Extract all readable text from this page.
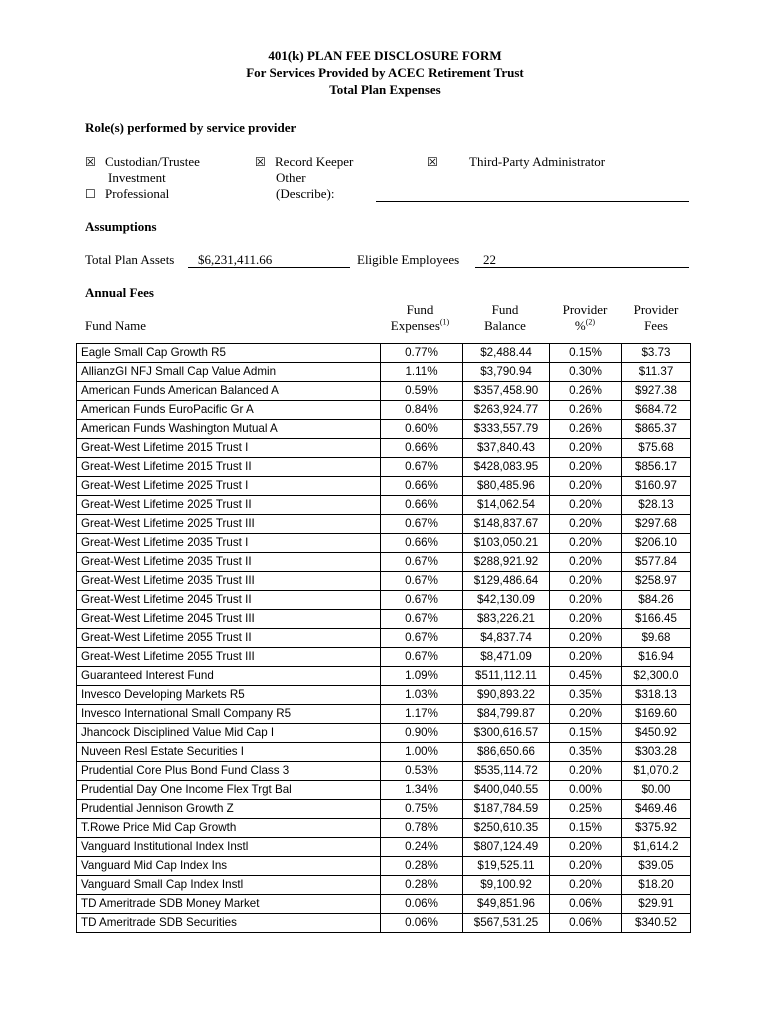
401(k) PLAN FEE DISCLOSURE FORM
For Services Provided by ACEC Retirement Trust
Total Plan Expenses
Role(s) performed by service provider
☒ Custodian/Trustee
Investment
☐ Professional
☒ Record Keeper
Other
(Describe):
☒ Third-Party Administrator
Assumptions
Total Plan Assets $6,231,411.66	Eligible Employees 22
Annual Fees
Fund Name
Fund
Expenses$^{(1)}$
Fund
Balance
Provider
%$^{(2)}$
Provider
Fees
Eagle Small Cap Growth R5	0.77%	$2,488.44	0.15%	$3.73
AllianzGI NFJ Small Cap Value Admin	1.11%	$3,790.94	0.30%	$11.37
American Funds American Balanced A	0.59%	$357,458.90	0.26%	$927.38
American Funds EuroPacific Gr A	0.84%	$263,924.77	0.26%	$684.72
American Funds Washington Mutual A	0.60%	$333,557.79	0.26%	$865.37
Great-West Lifetime 2015 Trust I	0.66%	$37,840.43	0.20%	$75.68
Great-West Lifetime 2015 Trust II	0.67%	$428,083.95	0.20%	$856.17
Great-West Lifetime 2025 Trust I	0.66%	$80,485.96	0.20%	$160.97
Great-West Lifetime 2025 Trust II	0.66%	$14,062.54	0.20%	$28.13
Great-West Lifetime 2025 Trust III	0.67%	$148,837.67	0.20%	$297.68
Great-West Lifetime 2035 Trust I	0.66%	$103,050.21	0.20%	$206.10
Great-West Lifetime 2035 Trust II	0.67%	$288,921.92	0.20%	$577.84
Great-West Lifetime 2035 Trust III	0.67%	$129,486.64	0.20%	$258.97
Great-West Lifetime 2045 Trust II	0.67%	$42,130.09	0.20%	$84.26
Great-West Lifetime 2045 Trust III	0.67%	$83,226.21	0.20%	$166.45
Great-West Lifetime 2055 Trust II	0.67%	$4,837.74	0.20%	$9.68
Great-West Lifetime 2055 Trust III	0.67%	$8,471.09	0.20%	$16.94
Guaranteed Interest Fund	1.09%	$511,112.11	0.45%	$2,300.0
Invesco Developing Markets R5	1.03%	$90,893.22	0.35%	$318.13
Invesco International Small Company R5	1.17%	$84,799.87	0.20%	$169.60
Jhancock Disciplined Value Mid Cap I	0.90%	$300,616.57	0.15%	$450.92
Nuveen Resl Estate Securities I	1.00%	$86,650.66	0.35%	$303.28
Prudential Core Plus Bond Fund Class 3	0.53%	$535,114.72	0.20%	$1,070.2
Prudential Day One Income Flex Trgt Bal	1.34%	$400,040.55	0.00%	$0.00
Prudential Jennison Growth Z	0.75%	$187,784.59	0.25%	$469.46
T.Rowe Price Mid Cap Growth	0.78%	$250,610.35	0.15%	$375.92
Vanguard Institutional Index Instl	0.24%	$807,124.49	0.20%	$1,614.2
Vanguard Mid Cap Index Ins	0.28%	$19,525.11	0.20%	$39.05
Vanguard Small Cap Index Instl	0.28%	$9,100.92	0.20%	$18.20
TD Ameritrade SDB Money Market	0.06%	$49,851.96	0.06%	$29.91
TD Ameritrade SDB Securities	0.06%	$567,531.25	0.06%	$340.52
